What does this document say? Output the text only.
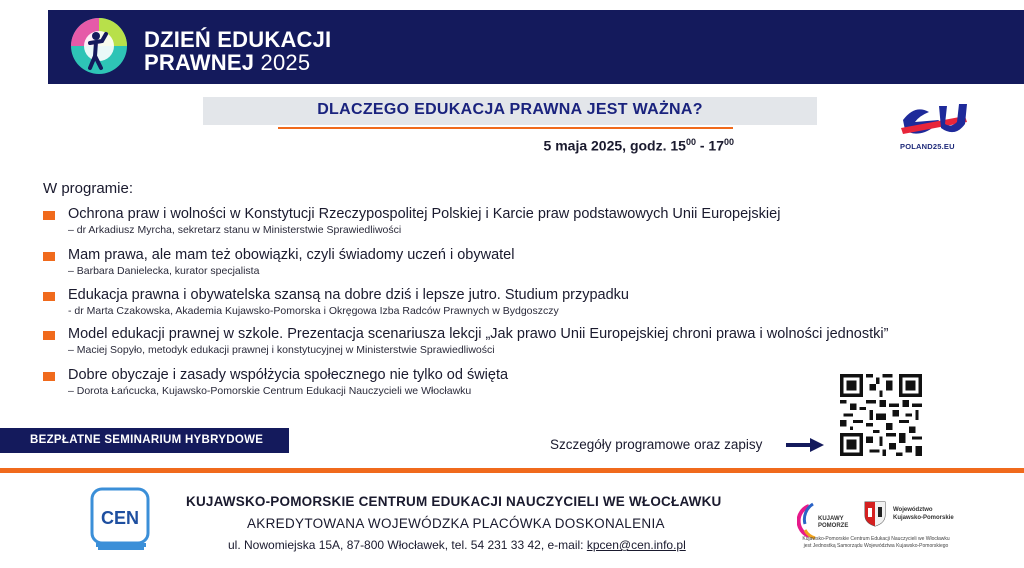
DZIEŃ EDUKACJI
PRAWNEJ 2025
DLACZEGO EDUKACJA PRAWNA JEST WAŻNA?
5 maja 2025, godz. $15^{00} - 17^{00}$	POLAND25.EU
W programie:
Ochrona praw i wolności w Konstytucji Rzeczypospolitej Polskiej i Karcie praw podstawowych Unii Europejskiej
– dr Arkadiusz Myrcha, sekretarz stanu w Ministerstwie Sprawiedliwości
Mam prawa, ale mam też obowiązki, czyli świadomy uczeń i obywatel
– Barbara Danielecka, kurator specjalista
Edukacja prawna i obywatelska szansą na dobre dziś i lepsze jutro. Studium przypadku
- dr Marta Czakowska, Akademia Kujawsko-Pomorska i Okręgowa Izba Radców Prawnych w Bydgoszczy
Model edukacji prawnej w szkole. Prezentacja scenariusza lekcji „Jak prawo Unii Europejskiej chroni prawa i wolności jednostki”
– Maciej Sopyło, metodyk edukacji prawnej i konstytucyjnej w Ministerstwie Sprawiedliwości
Dobre obyczaje i zasady współżycia społecznego nie tylko od święta
– Dorota Łańcucka, Kujawsko-Pomorskie Centrum Edukacji Nauczycieli we Włocławku
BEZPŁATNE SEMINARIUM HYBRYDOWE	Szczegóły programowe oraz zapisy
CEN
KUJAWSKO-POMORSKIE CENTRUM EDUKACJI NAUCZYCIELI WE WŁOCŁAWKU
AKREDYTOWANA WOJEWÓDZKA PLACÓWKA DOSKONALENIA
ul. Nowomiejska 15A, 87-800 Włocławek, tel. 54 231 33 42, e-mail: kpcen@cen.info.pl
KUJAWY
POMORZE
Województwo
Kujawsko-Pomorskie
Kujawsko-Pomorskie Centrum Edukacji Nauczycieli we Włocławku
jest Jednostką Samorządu Województwa Kujawsko-Pomorskiego
